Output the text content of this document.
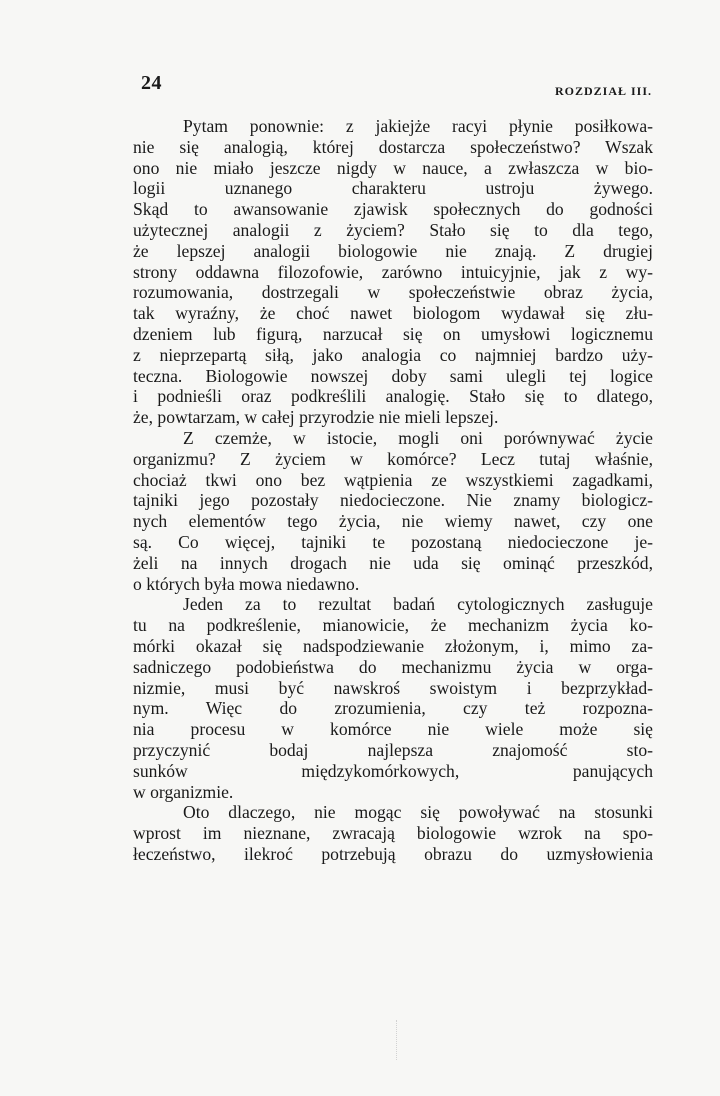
24	ROZDZIAŁ III.
Pytam ponownie: z jakiejże racyi płynie posiłkowa-
nie się analogią, której dostarcza społeczeństwo? Wszak
ono nie miało jeszcze nigdy w nauce, a zwłaszcza w bio-
logii uznanego charakteru ustroju żywego.
Skąd to awansowanie zjawisk społecznych do godności
użytecznej analogii z życiem? Stało się to dla tego,
że lepszej analogii biologowie nie znają. Z drugiej
strony oddawna filozofowie, zarówno intuicyjnie, jak z wy-
rozumowania, dostrzegali w społeczeństwie obraz życia,
tak wyraźny, że choć nawet biologom wydawał się złu-
dzeniem lub figurą, narzucał się on umysłowi logicznemu
z nieprzepartą siłą, jako analogia co najmniej bardzo uży-
teczna. Biologowie nowszej doby sami ulegli tej logice
i podnieśli oraz podkreślili analogię. Stało się to dlatego,
że, powtarzam, w całej przyrodzie nie mieli lepszej.
Z czemże, w istocie, mogli oni porównywać życie
organizmu? Z życiem w komórce? Lecz tutaj właśnie,
chociaż tkwi ono bez wątpienia ze wszystkiemi zagadkami,
tajniki jego pozostały niedocieczone. Nie znamy biologicz-
nych elementów tego życia, nie wiemy nawet, czy one
są. Co więcej, tajniki te pozostaną niedocieczone je-
żeli na innych drogach nie uda się ominąć przeszkód,
o których była mowa niedawno.
Jeden za to rezultat badań cytologicznych zasługuje
tu na podkreślenie, mianowicie, że mechanizm życia ko-
mórki okazał się nadspodziewanie złożonym, i, mimo za-
sadniczego podobieństwa do mechanizmu życia w orga-
nizmie, musi być nawskroś swoistym i bezprzykład-
nym. Więc do zrozumienia, czy też rozpozna-
nia procesu w komórce nie wiele może się
przyczynić bodaj najlepsza znajomość sto-
sunków międzykomórkowych, panujących
w organizmie.
Oto dlaczego, nie mogąc się powoływać na stosunki
wprost im nieznane, zwracają biologowie wzrok na spo-
łeczeństwo, ilekroć potrzebują obrazu do uzmysłowienia
